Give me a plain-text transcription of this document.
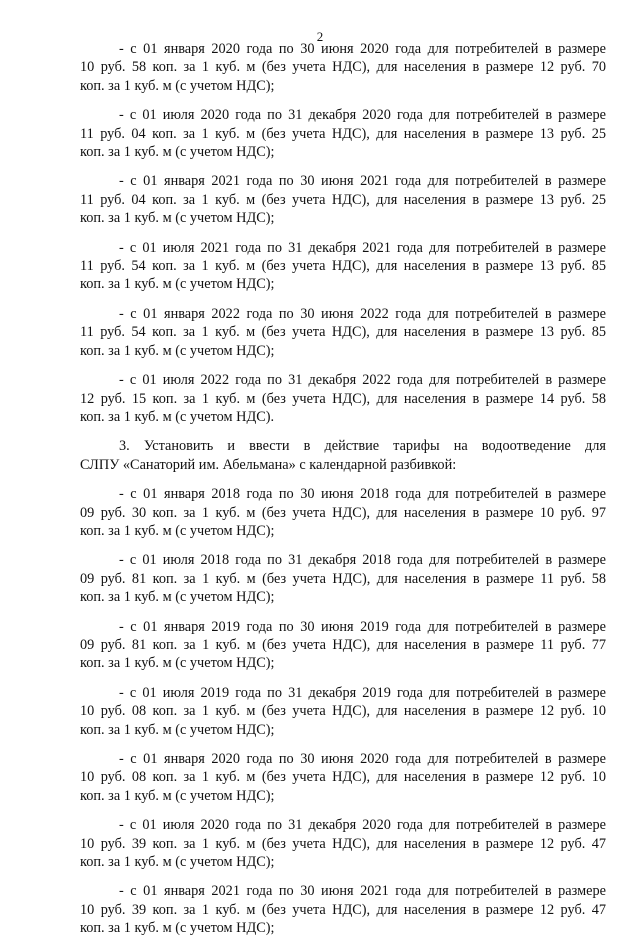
2

- с 01 января 2020 года по 30 июня 2020 года для потребителей в размере
10 руб. 58 коп. за 1 куб. м (без учета НДС), для населения в размере 12 руб. 70
коп. за 1 куб. м (с учетом НДС);

- с 01 июля 2020 года по 31 декабря 2020 года для потребителей в размере
11 руб. 04 коп. за 1 куб. м (без учета НДС), для населения в размере 13 руб. 25
коп. за 1 куб. м (с учетом НДС);

- с 01 января 2021 года по 30 июня 2021 года для потребителей в размере
11 руб. 04 коп. за 1 куб. м (без учета НДС), для населения в размере 13 руб. 25
коп. за 1 куб. м (с учетом НДС);

- с 01 июля 2021 года по 31 декабря 2021 года для потребителей в размере
11 руб. 54 коп. за 1 куб. м (без учета НДС), для населения в размере 13 руб. 85
коп. за 1 куб. м (с учетом НДС);

- с 01 января 2022 года по 30 июня 2022 года для потребителей в размере
11 руб. 54 коп. за 1 куб. м (без учета НДС), для населения в размере 13 руб. 85
коп. за 1 куб. м (с учетом НДС);

- с 01 июля 2022 года по 31 декабря 2022 года для потребителей в размере
12 руб. 15 коп. за 1 куб. м (без учета НДС), для населения в размере 14 руб. 58
коп. за 1 куб. м (с учетом НДС).

3. Установить и ввести в действие тарифы на водоотведение для
СЛПУ «Санаторий им. Абельмана» с календарной разбивкой:

- с 01 января 2018 года по 30 июня 2018 года для потребителей в размере
09 руб. 30 коп. за 1 куб. м (без учета НДС), для населения в размере 10 руб. 97
коп. за 1 куб. м (с учетом НДС);

- с 01 июля 2018 года по 31 декабря 2018 года для потребителей в размере
09 руб. 81 коп. за 1 куб. м (без учета НДС), для населения в размере 11 руб. 58
коп. за 1 куб. м (с учетом НДС);

- с 01 января 2019 года по 30 июня 2019 года для потребителей в размере
09 руб. 81 коп. за 1 куб. м (без учета НДС), для населения в размере 11 руб. 77
коп. за 1 куб. м (с учетом НДС);

- с 01 июля 2019 года по 31 декабря 2019 года для потребителей в размере
10 руб. 08 коп. за 1 куб. м (без учета НДС), для населения в размере 12 руб. 10
коп. за 1 куб. м (с учетом НДС);

- с 01 января 2020 года по 30 июня 2020 года для потребителей в размере
10 руб. 08 коп. за 1 куб. м (без учета НДС), для населения в размере 12 руб. 10
коп. за 1 куб. м (с учетом НДС);

- с 01 июля 2020 года по 31 декабря 2020 года для потребителей в размере
10 руб. 39 коп. за 1 куб. м (без учета НДС), для населения в размере 12 руб. 47
коп. за 1 куб. м (с учетом НДС);

- с 01 января 2021 года по 30 июня 2021 года для потребителей в размере
10 руб. 39 коп. за 1 куб. м (без учета НДС), для населения в размере 12 руб. 47
коп. за 1 куб. м (с учетом НДС);
